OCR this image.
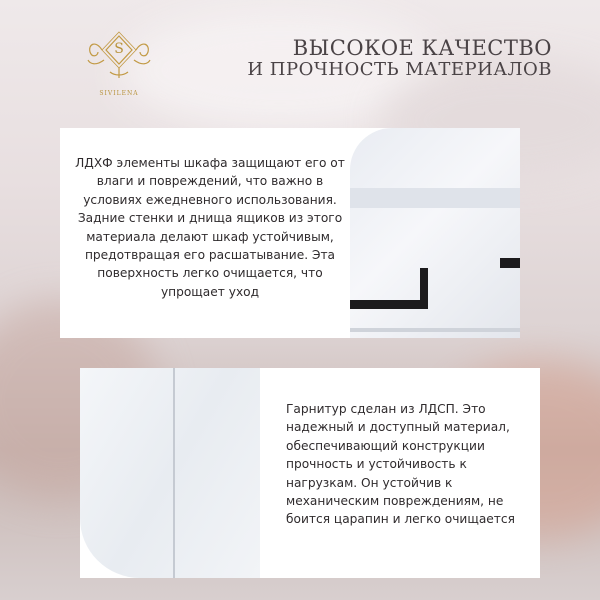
S
SIVILENA
ВЫСОКОЕ КАЧЕСТВО
И ПРОЧНОСТЬ МАТЕРИАЛОВ
ЛДХФ элементы шкафа защищают его от влаги и повреждений, что важно в условиях ежедневного использования. Задние стенки и днища ящиков из этого материала делают шкаф устойчивым, предотвращая его расшатывание. Эта поверхность легко очищается, что упрощает уход
Гарнитур сделан из ЛДСП. Это надежный и доступный материал, обеспечивающий конструкции прочность и устойчивость к нагрузкам. Он устойчив к механическим повреждениям, не боится царапин и легко очищается
